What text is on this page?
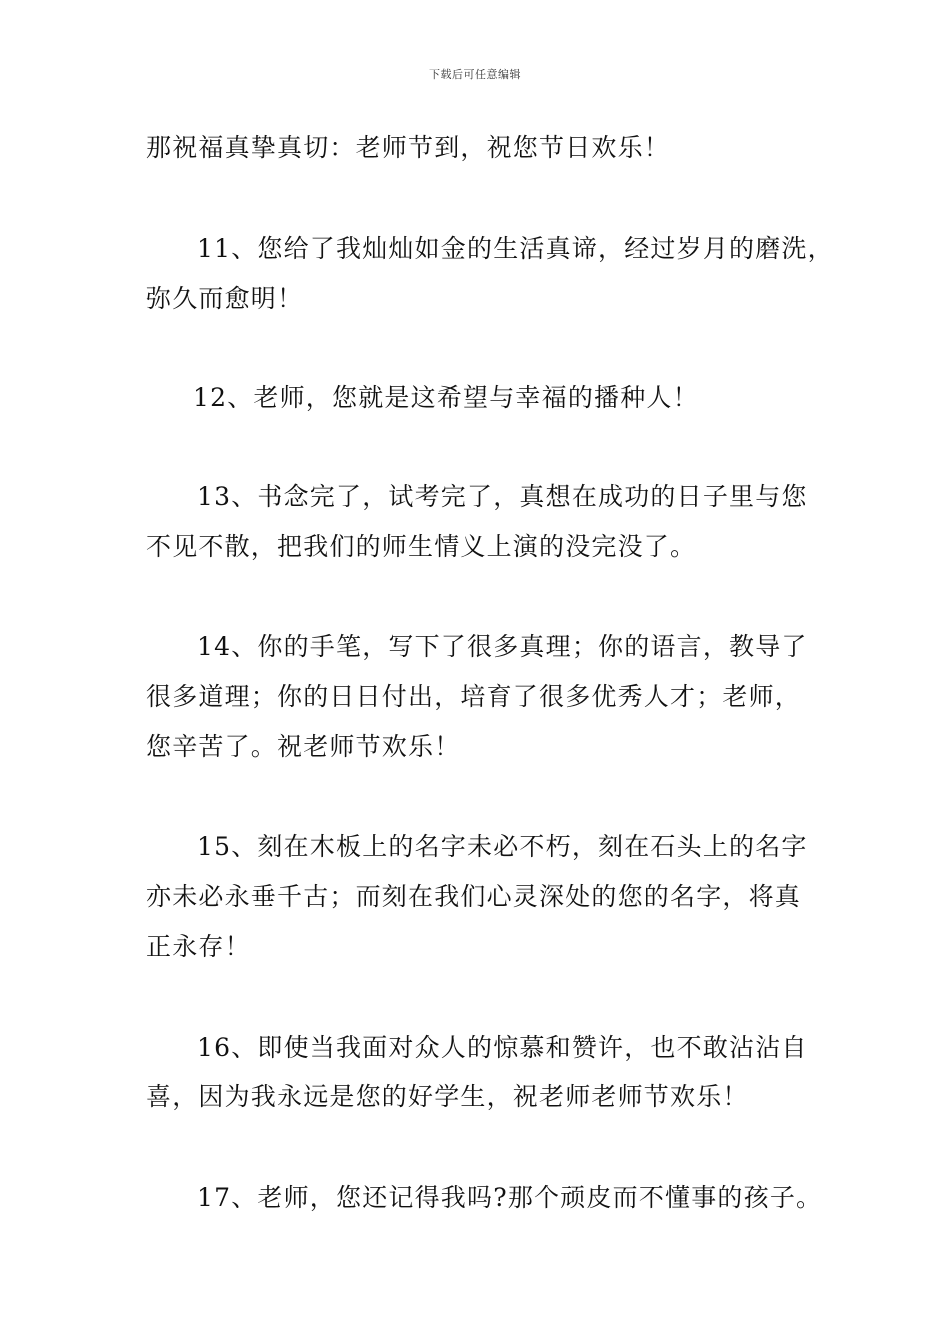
下载后可任意编辑
那祝福真挚真切：老师节到，祝您节日欢乐！
11、您给了我灿灿如金的生活真谛，经过岁月的磨洗，
弥久而愈明！
12、老师，您就是这希望与幸福的播种人！
13、书念完了，试考完了，真想在成功的日子里与您
不见不散，把我们的师生情义上演的没完没了。
14、你的手笔，写下了很多真理；你的语言，教导了
很多道理；你的日日付出，培育了很多优秀人才；老师，
您辛苦了。祝老师节欢乐！
15、刻在木板上的名字未必不朽，刻在石头上的名字
亦未必永垂千古；而刻在我们心灵深处的您的名字，将真
正永存！
16、即使当我面对众人的惊慕和赞许，也不敢沾沾自
喜，因为我永远是您的好学生，祝老师老师节欢乐！
17、老师，您还记得我吗?那个顽皮而不懂事的孩子。
